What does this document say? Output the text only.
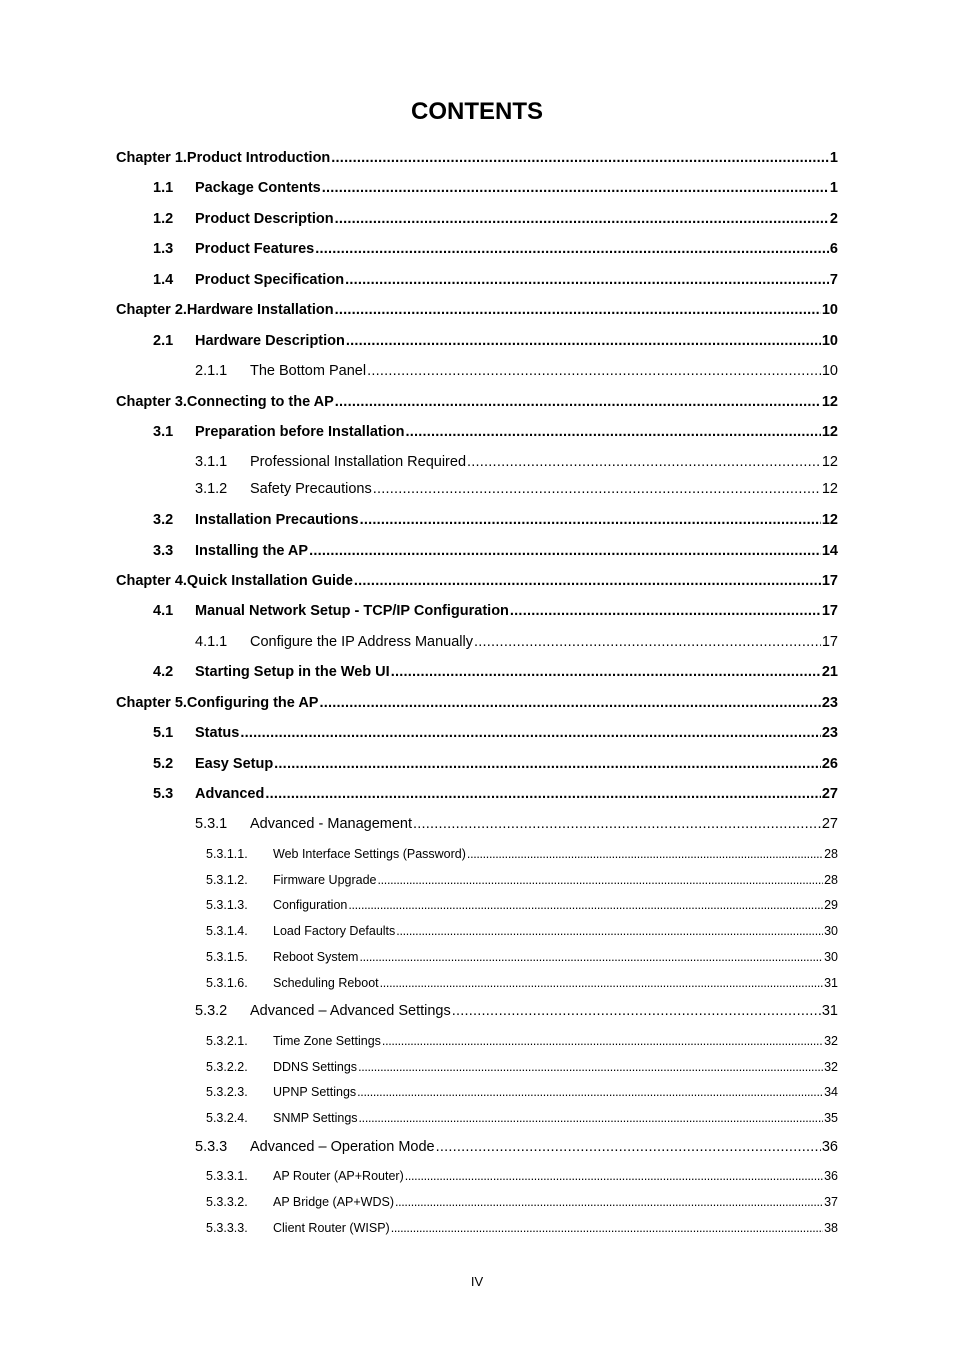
CONTENTS
Chapter 1. Product Introduction . . .	1
1.1	Package Contents . . .	1
1.2	Product Description . . .	2
1.3	Product Features . . .	6
1.4	Product Specification . . .	7
Chapter 2. Hardware Installation . . .	10
2.1	Hardware Description . . .	10
2.1.1	The Bottom Panel . . .	10
Chapter 3. Connecting to the AP . . .	12
3.1	Preparation before Installation . . .	12
3.1.1	Professional Installation Required . . .	12
3.1.2	Safety Precautions . . .	12
3.2	Installation Precautions . . .	12
3.3	Installing the AP . . .	14
Chapter 4. Quick Installation Guide . . .	17
4.1	Manual Network Setup - TCP/IP Configuration . . .	17
4.1.1	Configure the IP Address Manually . . .	17
4.2	Starting Setup in the Web UI . . .	21
Chapter 5. Configuring the AP . . .	23
5.1	Status . . .	23
5.2	Easy Setup . . .	26
5.3	Advanced . . .	27
5.3.1	Advanced - Management . . .	27
5.3.1.1.	Web Interface Settings (Password) . . .	28
5.3.1.2.	Firmware Upgrade . . .	28
5.3.1.3.	Configuration . . .	29
5.3.1.4.	Load Factory Defaults . . .	30
5.3.1.5.	Reboot System . . .	30
5.3.1.6.	Scheduling Reboot . . .	31
5.3.2	Advanced – Advanced Settings . . .	31
5.3.2.1.	Time Zone Settings . . .	32
5.3.2.2.	DDNS Settings . . .	32
5.3.2.3.	UPNP Settings . . .	34
5.3.2.4.	SNMP Settings . . .	35
5.3.3	Advanced – Operation Mode . . .	36
5.3.3.1.	AP Router (AP+Router) . . .	36
5.3.3.2.	AP Bridge (AP+WDS) . . .	37
5.3.3.3.	Client Router (WISP) . . .	38
IV
